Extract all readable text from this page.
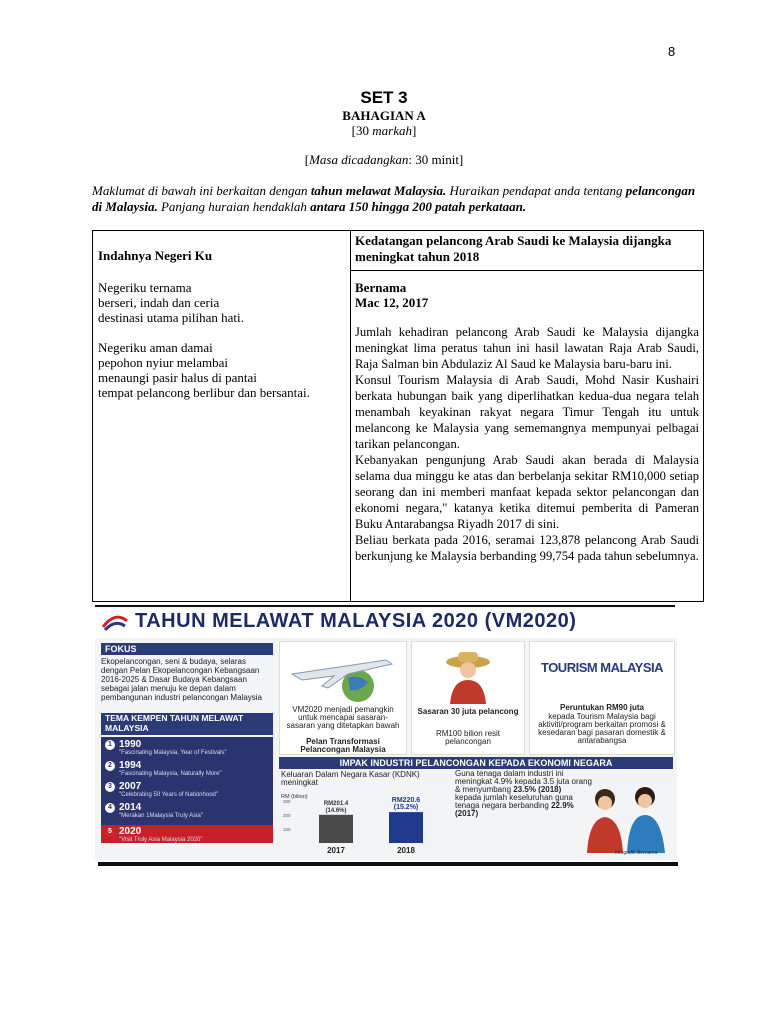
8
SET 3
BAHAGIAN A
[30 markah]
[Masa dicadangkan: 30 minit]
Maklumat di bawah ini berkaitan dengan tahun melawat Malaysia. Huraikan pendapat anda tentang pelancongan di Malaysia. Panjang huraian hendaklah antara 150 hingga 200 patah perkataan.
Indahnya Negeri Ku
Negeriku ternama
berseri, indah dan ceria
destinasi utama pilihan hati.
Negeriku aman damai
pepohon nyiur melambai
menaungi pasir halus di pantai
tempat pelancong berlibur dan bersantai.
Kedatangan pelancong Arab Saudi ke Malaysia dijangka meningkat tahun 2018
Bernama
Mac 12, 2017
Jumlah kehadiran pelancong Arab Saudi ke Malaysia dijangka meningkat lima peratus tahun ini hasil lawatan Raja Arab Saudi, Raja Salman bin Abdulaziz Al Saud ke Malaysia baru-baru ini.
Konsul Tourism Malaysia di Arab Saudi, Mohd Nasir Kushairi berkata hubungan baik yang diperlihatkan kedua-dua negara telah menambah keyakinan rakyat negara Timur Tengah itu untuk melancong ke Malaysia yang sememangnya mempunyai pelbagai tarikan pelancongan.
Kebanyakan pengunjung Arab Saudi akan berada di Malaysia selama dua minggu ke atas dan berbelanja sekitar RM10,000 setiap seorang dan ini memberi manfaat kepada sektor pelancongan dan ekonomi negara," katanya ketika ditemui pemberita di Pameran Buku Antarabangsa Riyadh 2017 di sini.
Beliau berkata pada 2016, seramai 123,878 pelancong Arab Saudi berkunjung ke Malaysia berbanding 99,754 pada tahun sebelumnya.
TAHUN MELAWAT MALAYSIA 2020 (VM2020)
FOKUS
Ekopelancongan, seni & budaya, selaras dengan Pelan Ekopelancongan Kebangsaan 2016-2025 & Dasar Budaya Kebangsaan sebagai jalan menuju ke depan dalam pembangunan industri pelancongan Malaysia
TEMA KEMPEN TAHUN MELAWAT MALAYSIA
1 1990
"Fascinating Malaysia, Year of Festivals"
2 1994
"Fascinating Malaysia, Naturally More"
3 2007
"Celebrating 50 Years of Nationhood"
4 2014
"Merakan 1Malaysia Truly Asia"
5 2020
"Visit Truly Asia Malaysia 2020"
VM2020 menjadi pemangkin untuk mencapai sasaran-sasaran yang ditetapkan bawah
Pelan Transformasi Pelancongan Malaysia
Sasaran 30 juta pelancong
RM100 bilion resit pelancongan
TOURISM MALAYSIA
Peruntukan RM90 juta
kepada Tourism Malaysia bagi aktiviti/program berkaitan promosi & kesedaran bagi pasaran domestik & antarabangsa
IMPAK INDUSTRI PELANCONGAN KEPADA EKONOMI NEGARA
Keluaran Dalam Negara Kasar (KDNK) meningkat
RM (bilion)
300
200
100
RM201.4
(14.6%)
RM220.6
(15.2%)
2017	2018
Guna tenaga dalam industri ini meningkat 4.9% kepada 3.5 juta orang & menyumbang 23.5% (2018)
kepada jumlah keseluruhan guna tenaga negara berbanding 22.9% (2017)
Infografik Bernama
